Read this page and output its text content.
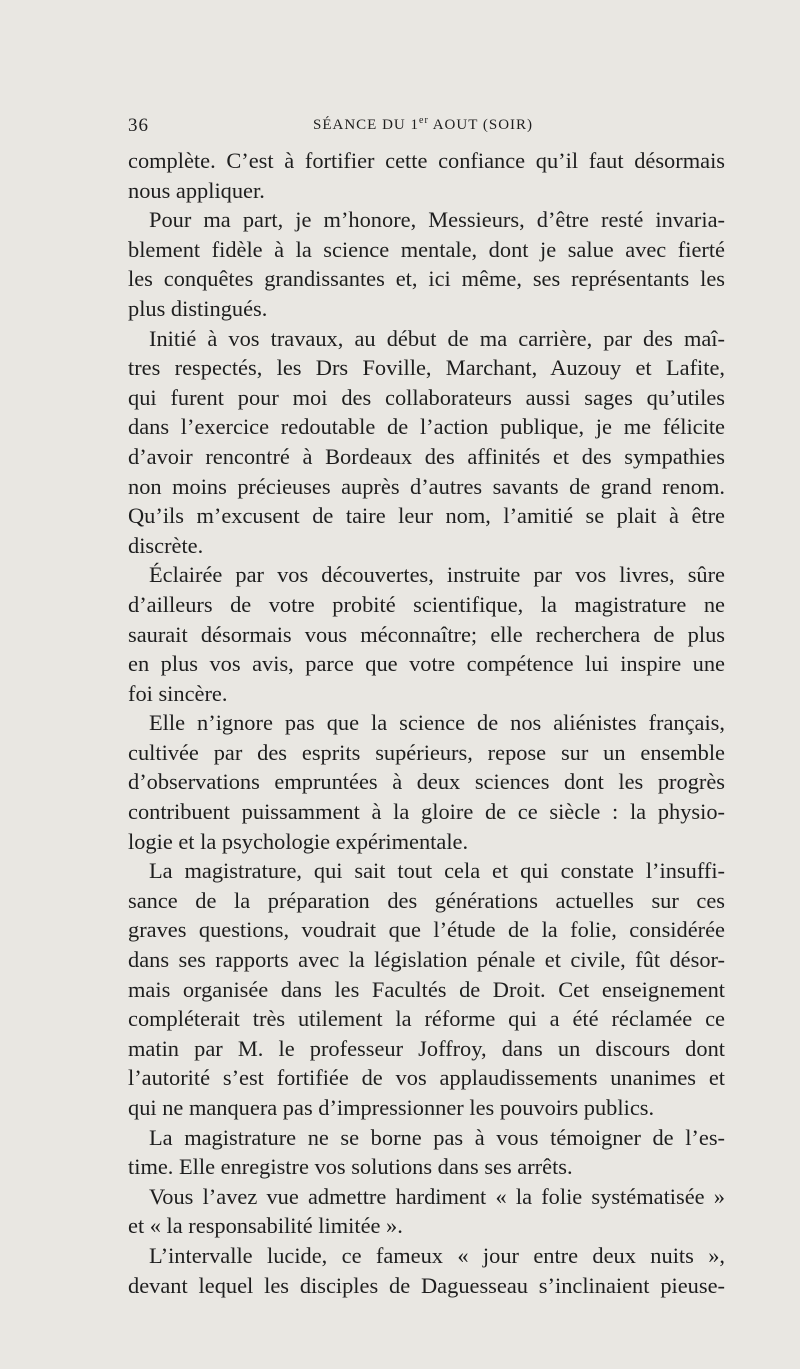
36	SÉANCE DU 1er AOUT (SOIR)
complète. C’est à fortifier cette confiance qu’il faut désormais
nous appliquer.
Pour ma part, je m’honore, Messieurs, d’être resté invaria-
blement fidèle à la science mentale, dont je salue avec fierté
les conquêtes grandissantes et, ici même, ses représentants les
plus distingués.
Initié à vos travaux, au début de ma carrière, par des maî-
tres respectés, les Drs Foville, Marchant, Auzouy et Lafite,
qui furent pour moi des collaborateurs aussi sages qu’utiles
dans l’exercice redoutable de l’action publique, je me félicite
d’avoir rencontré à Bordeaux des affinités et des sympathies
non moins précieuses auprès d’autres savants de grand renom.
Qu’ils m’excusent de taire leur nom, l’amitié se plait à être
discrète.
Éclairée par vos découvertes, instruite par vos livres, sûre
d’ailleurs de votre probité scientifique, la magistrature ne
saurait désormais vous méconnaître; elle recherchera de plus
en plus vos avis, parce que votre compétence lui inspire une
foi sincère.
Elle n’ignore pas que la science de nos aliénistes français,
cultivée par des esprits supérieurs, repose sur un ensemble
d’observations empruntées à deux sciences dont les progrès
contribuent puissamment à la gloire de ce siècle : la physio-
logie et la psychologie expérimentale.
La magistrature, qui sait tout cela et qui constate l’insuffi-
sance de la préparation des générations actuelles sur ces
graves questions, voudrait que l’étude de la folie, considérée
dans ses rapports avec la législation pénale et civile, fût désor-
mais organisée dans les Facultés de Droit. Cet enseignement
compléterait très utilement la réforme qui a été réclamée ce
matin par M. le professeur Joffroy, dans un discours dont
l’autorité s’est fortifiée de vos applaudissements unanimes et
qui ne manquera pas d’impressionner les pouvoirs publics.
La magistrature ne se borne pas à vous témoigner de l’es-
time. Elle enregistre vos solutions dans ses arrêts.
Vous l’avez vue admettre hardiment « la folie systématisée »
et « la responsabilité limitée ».
L’intervalle lucide, ce fameux « jour entre deux nuits »,
devant lequel les disciples de Daguesseau s’inclinaient pieuse-
